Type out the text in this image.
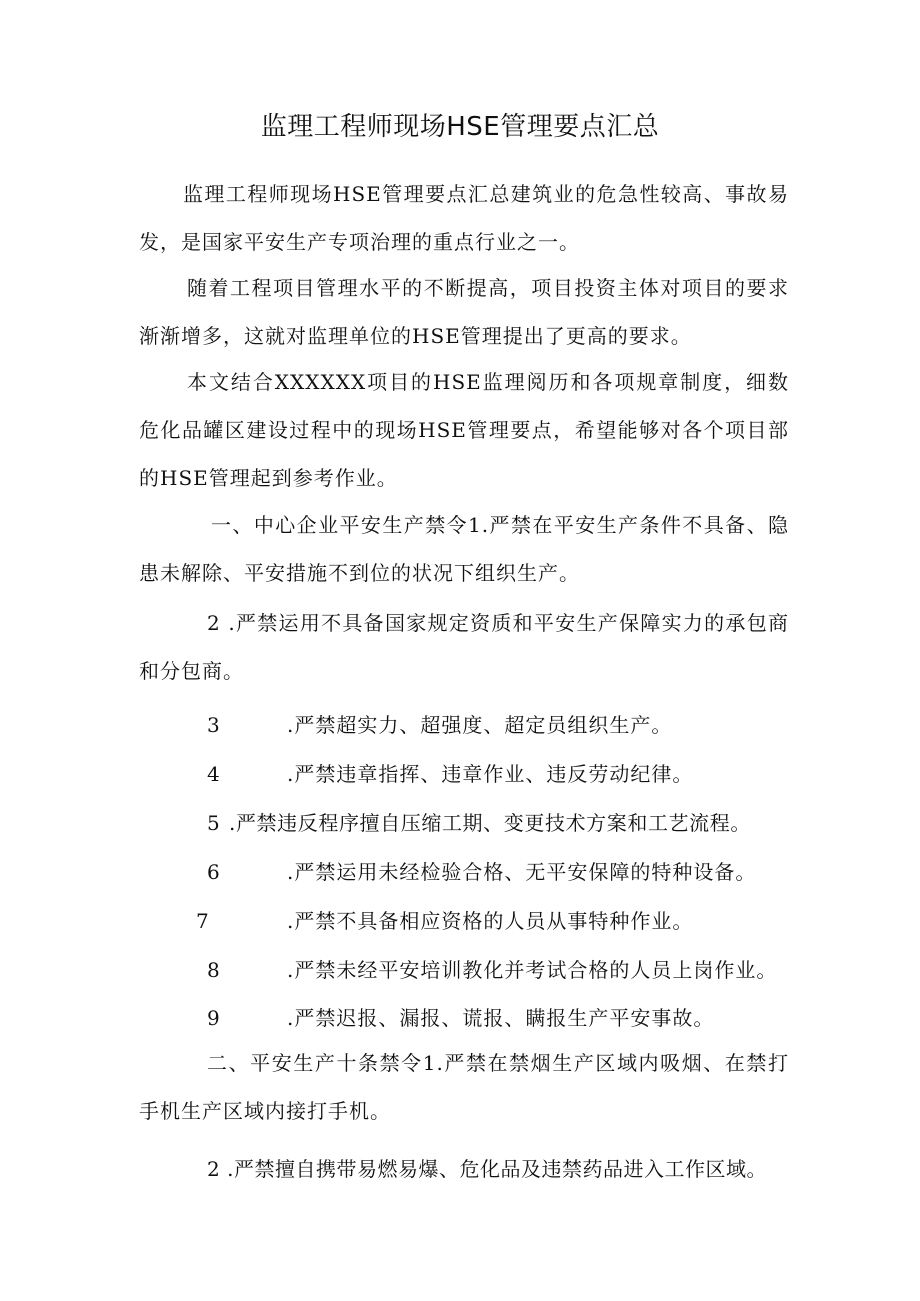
监理工程师现场HSE管理要点汇总
监理工程师现场HSE管理要点汇总建筑业的危急性较高、事故易发，是国家平安生产专项治理的重点行业之一。
随着工程项目管理水平的不断提高，项目投资主体对项目的要求渐渐增多，这就对监理单位的HSE管理提出了更高的要求。
本文结合XXXXXX项目的HSE监理阅历和各项规章制度，细数危化品罐区建设过程中的现场HSE管理要点，希望能够对各个项目部的HSE管理起到参考作业。
一、中心企业平安生产禁令1.严禁在平安生产条件不具备、隐患未解除、平安措施不到位的状况下组织生产。
2 .严禁运用不具备国家规定资质和平安生产保障实力的承包商和分包商。
3	.严禁超实力、超强度、超定员组织生产。
4	.严禁违章指挥、违章作业、违反劳动纪律。
5 .严禁违反程序擅自压缩工期、变更技术方案和工艺流程。
6	.严禁运用未经检验合格、无平安保障的特种设备。
7	.严禁不具备相应资格的人员从事特种作业。
8	.严禁未经平安培训教化并考试合格的人员上岗作业。
9	.严禁迟报、漏报、谎报、瞒报生产平安事故。
二、平安生产十条禁令1.严禁在禁烟生产区域内吸烟、在禁打手机生产区域内接打手机。
2 .严禁擅自携带易燃易爆、危化品及违禁药品进入工作区域。
